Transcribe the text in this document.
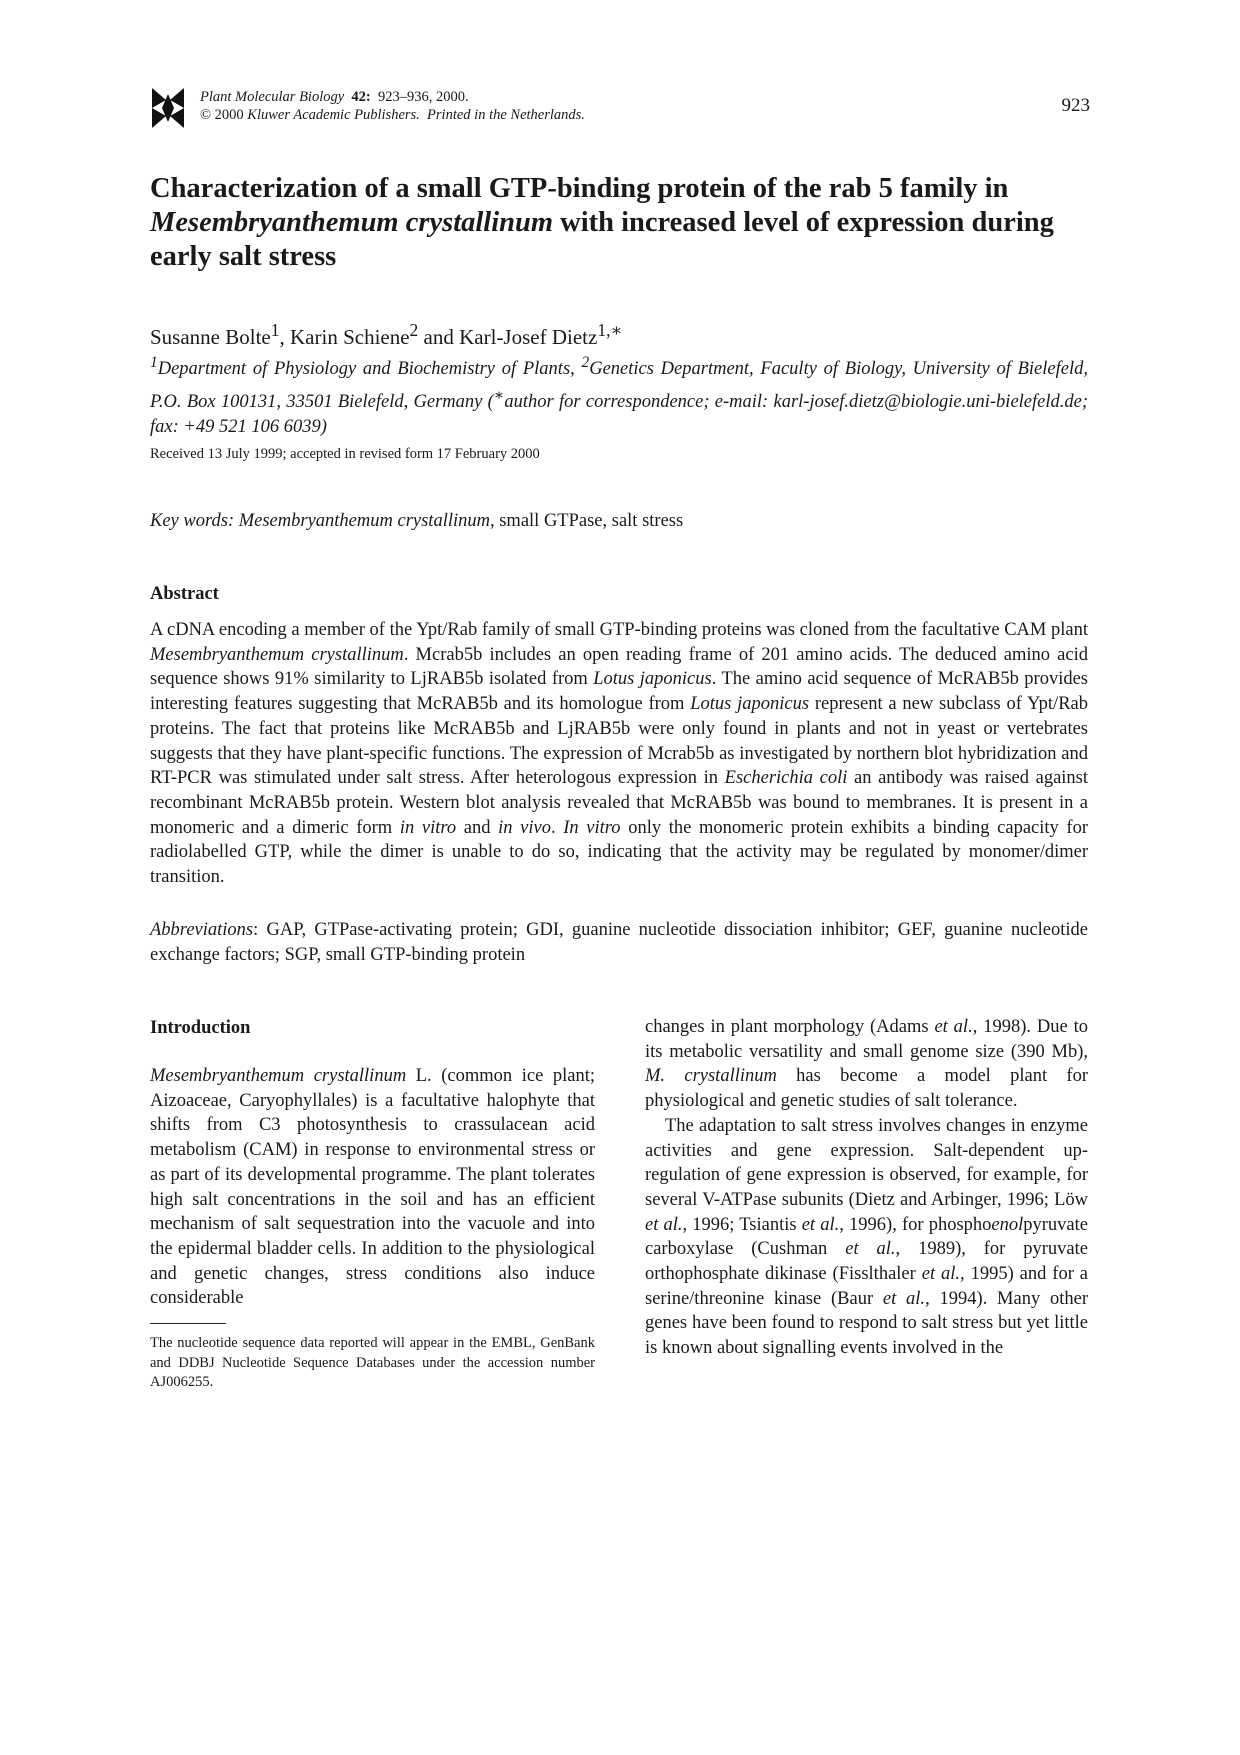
Plant Molecular Biology 42: 923–936, 2000.
© 2000 Kluwer Academic Publishers. Printed in the Netherlands.	923
Characterization of a small GTP-binding protein of the rab 5 family in
Mesembryanthemum crystallinum with increased level of expression during
early salt stress
Susanne Bolte$^1$, Karin Schiene$^2$ and Karl-Josef Dietz$^{1,∗}$
$^1$Department of Physiology and Biochemistry of Plants, $^2$Genetics Department, Faculty of Biology, University of Bielefeld, P.O. Box 100131, 33501 Bielefeld, Germany (∗author for correspondence; e-mail: karl-josef.dietz@biologie.uni-bielefeld.de; fax: +49 521 106 6039)
Received 13 July 1999; accepted in revised form 17 February 2000
Key words: Mesembryanthemum crystallinum, small GTPase, salt stress
Abstract
A cDNA encoding a member of the Ypt/Rab family of small GTP-binding proteins was cloned from the facultative CAM plant Mesembryanthemum crystallinum. Mcrab5b includes an open reading frame of 201 amino acids. The deduced amino acid sequence shows 91% similarity to LjRAB5b isolated from Lotus japonicus. The amino acid sequence of McRAB5b provides interesting features suggesting that McRAB5b and its homologue from Lotus japonicus represent a new subclass of Ypt/Rab proteins. The fact that proteins like McRAB5b and LjRAB5b were only found in plants and not in yeast or vertebrates suggests that they have plant-specific functions. The expression of Mcrab5b as investigated by northern blot hybridization and RT-PCR was stimulated under salt stress. After heterologous expression in Escherichia coli an antibody was raised against recombinant McRAB5b protein. Western blot analysis revealed that McRAB5b was bound to membranes. It is present in a monomeric and a dimeric form in vitro and in vivo. In vitro only the monomeric protein exhibits a binding capacity for radiolabelled GTP, while the dimer is unable to do so, indicating that the activity may be regulated by monomer/dimer transition.
Abbreviations: GAP, GTPase-activating protein; GDI, guanine nucleotide dissociation inhibitor; GEF, guanine nucleotide exchange factors; SGP, small GTP-binding protein
Introduction
Mesembryanthemum crystallinum L. (common ice plant; Aizoaceae, Caryophyllales) is a facultative halophyte that shifts from C3 photosynthesis to crassulacean acid metabolism (CAM) in response to environmental stress or as part of its developmental programme. The plant tolerates high salt concentrations in the soil and has an efficient mechanism of salt sequestration into the vacuole and into the epidermal bladder cells. In addition to the physiological and genetic changes, stress conditions also induce considerable
The nucleotide sequence data reported will appear in the EMBL, GenBank and DDBJ Nucleotide Sequence Databases under the accession number AJ006255.

changes in plant morphology (Adams et al., 1998). Due to its metabolic versatility and small genome size (390 Mb), M. crystallinum has become a model plant for physiological and genetic studies of salt tolerance.

The adaptation to salt stress involves changes in enzyme activities and gene expression. Salt-dependent up-regulation of gene expression is observed, for example, for several V-ATPase subunits (Dietz and Arbinger, 1996; Löw et al., 1996; Tsiantis et al., 1996), for phosphoenolpyruvate carboxylase (Cushman et al., 1989), for pyruvate orthophosphate dikinase (Fisslthaler et al., 1995) and for a serine/threonine kinase (Baur et al., 1994). Many other genes have been found to respond to salt stress but yet little is known about signalling events involved in the
